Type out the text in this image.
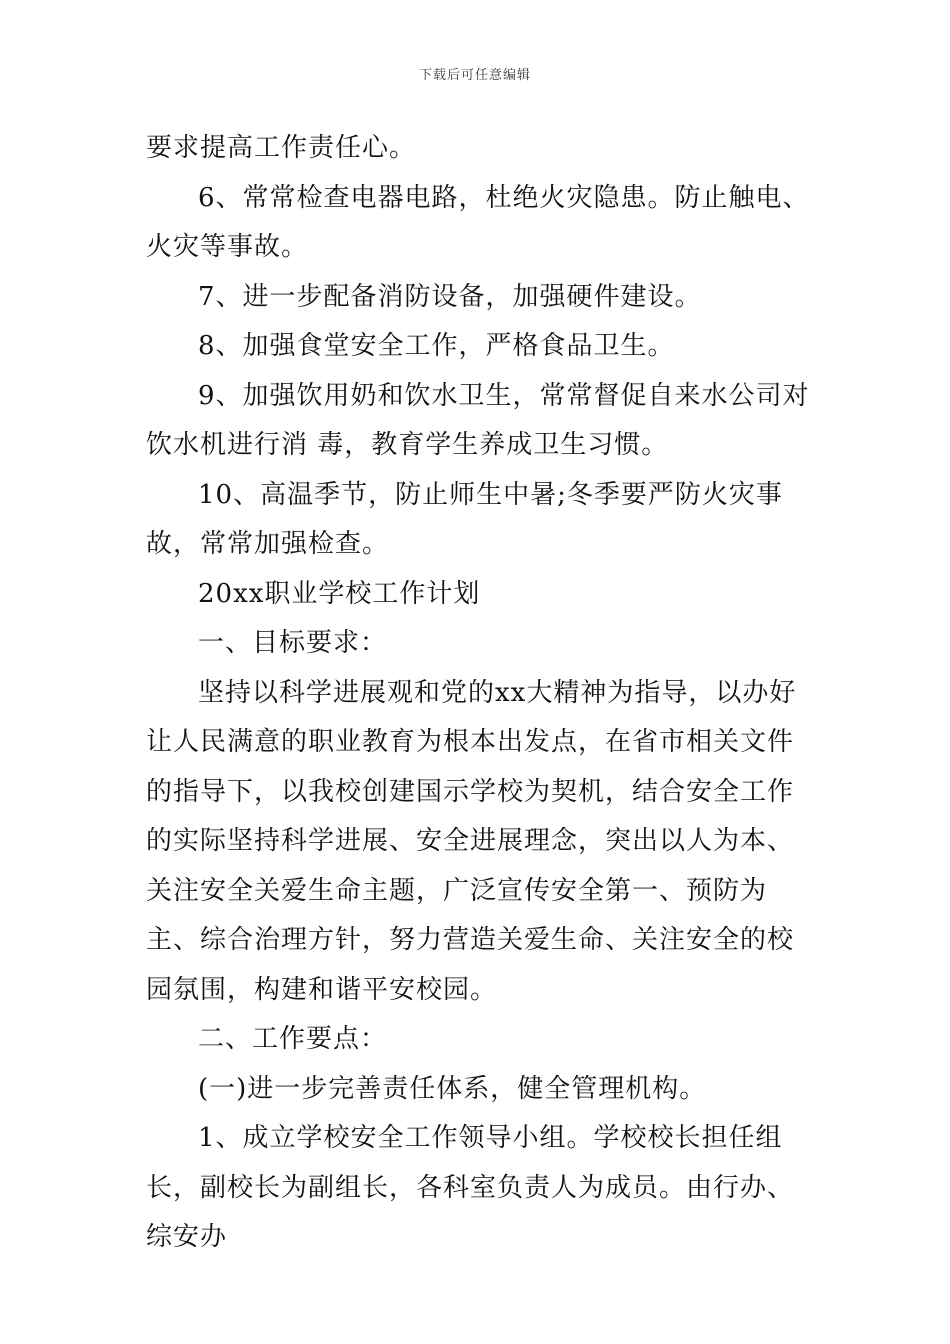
下载后可任意编辑

要求提高工作责任心。

6、常常检查电器电路，杜绝火灾隐患。防止触电、火灾等事故。

7、进一步配备消防设备，加强硬件建设。

8、加强食堂安全工作，严格食品卫生。

9、加强饮用奶和饮水卫生，常常督促自来水公司对饮水机进行消 毒，教育学生养成卫生习惯。

10、高温季节，防止师生中暑;冬季要严防火灾事故，常常加强检查。

20xx职业学校工作计划

一、目标要求：

坚持以科学进展观和党的xx大精神为指导，以办好让人民满意的职业教育为根本出发点，在省市相关文件的指导下，以我校创建国示学校为契机，结合安全工作的实际坚持科学进展、安全进展理念，突出以人为本、关注安全关爱生命主题，广泛宣传安全第一、预防为主、综合治理方针，努力营造关爱生命、关注安全的校园氛围，构建和谐平安校园。

二、工作要点：

(一)进一步完善责任体系，健全管理机构。

1、成立学校安全工作领导小组。学校校长担任组长，副校长为副组长，各科室负责人为成员。由行办、综安办
